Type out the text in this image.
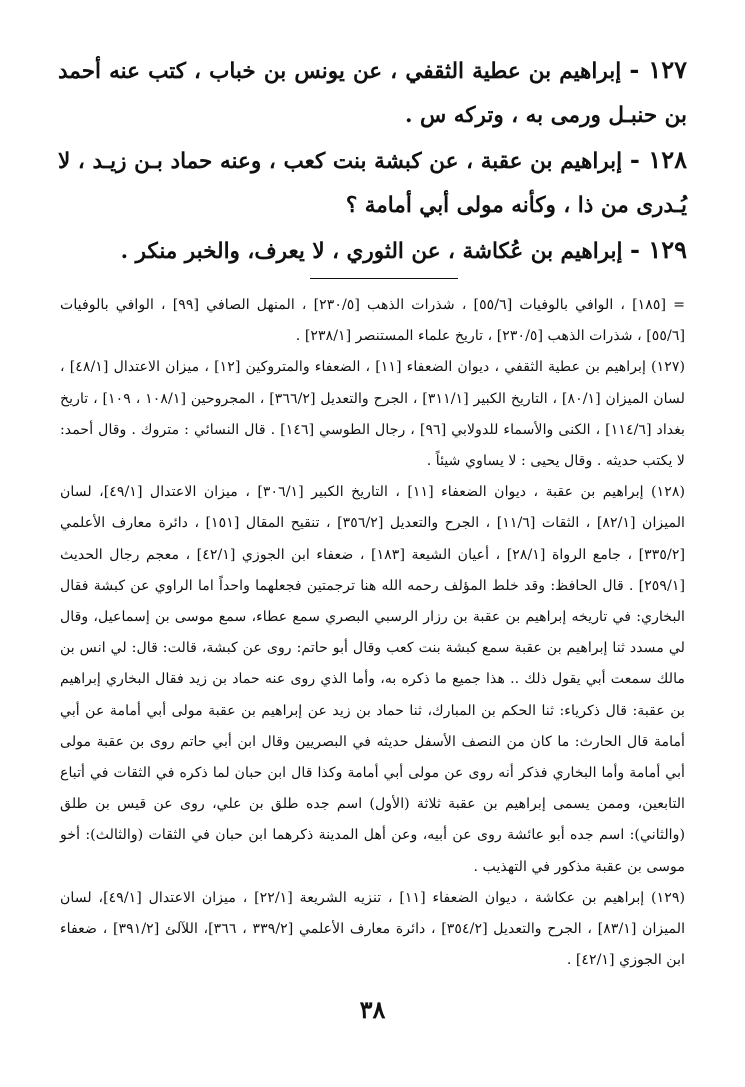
١٢٧ - إبراهيم بن عطية الثقفي ، عن يونس بن خباب ، كتب عنه أحمد بن حنبـل ورمى به ، وتركه س .

١٢٨ - إبراهيم بن عقبة ، عن كبشة بنت كعب ، وعنه حماد بـن زيـد ، لا يُـدرى من ذا ، وكأنه مولى أبي أمامة ؟

١٢٩ - إبراهيم بن عُكاشة ، عن الثوري ، لا يعرف، والخبر منكر .

= [١٨٥] ، الوافي بالوفيات [٥٥/٦] ، شذرات الذهب [٢٣٠/٥] ، المنهل الصافي [٩٩] ، الوافي بالوفيات [٥٥/٦] ، شذرات الذهب [٢٣٠/٥] ، تاريخ علماء المستنصر [٢٣٨/١] .

(١٢٧) إبراهيم بن عطية الثقفي ، ديوان الضعفاء [١١] ، الضعفاء والمتروكين [١٢] ، ميزان الاعتدال [٤٨/١] ، لسان الميزان [٨٠/١] ، التاريخ الكبير [٣١١/١] ، الجرح والتعديل [٣٦٦/٢] ، المجروحين [١٠٨/١ ، ١٠٩] ، تاريخ بغداد [١١٤/٦] ، الكنى والأسماء للدولابي [٩٦] ، رجال الطوسي [١٤٦] . قال النسائي : متروك . وقال أحمد: لا يكتب حديثه . وقال يحيى : لا يساوي شيئاً .

(١٢٨) إبراهيم بن عقبة ، ديوان الضعفاء [١١] ، التاريخ الكبير [٣٠٦/١] ، ميزان الاعتدال [٤٩/١]، لسان الميزان [٨٢/١] ، الثقات [١١/٦] ، الجرح والتعديل [٣٥٦/٢] ، تنقيح المقال [١٥١] ، دائرة معارف الأعلمي [٣٣٥/٢] ، جامع الرواة [٢٨/١] ، أعيان الشيعة [١٨٣] ، ضعفاء ابن الجوزي [٤٢/١] ، معجم رجال الحديث [٢٥٩/١] . قال الحافظ: وقد خلط المؤلف رحمه الله هنا ترجمتين فجعلهما واحداً اما الراوي عن كبشة فقال البخاري: في تاريخه إبراهيم بن عقبة بن رزار الرسبي البصري سمع عطاء، سمع موسى بن إسماعيل، وقال لي مسدد ثنا إبراهيم بن عقبة سمع كبشة بنت كعب وقال أبو حاتم: روى عن كبشة، قالت: قال: لي انس بن مالك سمعت أبي يقول ذلك .. هذا جميع ما ذكره به، وأما الذي روى عنه حماد بن زيد فقال البخاري إبراهيم بن عقبة: قال ذكرياء: ثنا الحكم بن المبارك، ثنا حماد بن زيد عن إبراهيم بن عقبة مولى أبي أمامة عن أبي أمامة قال الحارث: ما كان من النصف الأسفل حديثه في البصريين وقال ابن أبي حاتم روى بن عقبة مولى أبي أمامة وأما البخاري فذكر أنه روى عن مولى أبي أمامة وكذا قال ابن حبان لما ذكره في الثقات في أتباع التابعين، وممن يسمى إبراهيم بن عقبة ثلاثة (الأول) اسم جده طلق بن علي، روى عن قيس بن طلق (والثاني): اسم جده أبو عائشة روى عن أبيه، وعن أهل المدينة ذكرهما ابن حبان في الثقات (والثالث): أخو موسى بن عقبة مذكور في التهذيب .

(١٢٩) إبراهيم بن عكاشة ، ديوان الضعفاء [١١] ، تنزيه الشريعة [٢٢/١] ، ميزان الاعتدال [٤٩/١]، لسان الميزان [٨٣/١] ، الجرح والتعديل [٣٥٤/٢] ، دائرة معارف الأعلمي [٣٣٩/٢ ، ٣٦٦]، اللآلئ [٣٩١/٢] ، ضعفاء ابن الجوزي [٤٢/١] .

٣٨
